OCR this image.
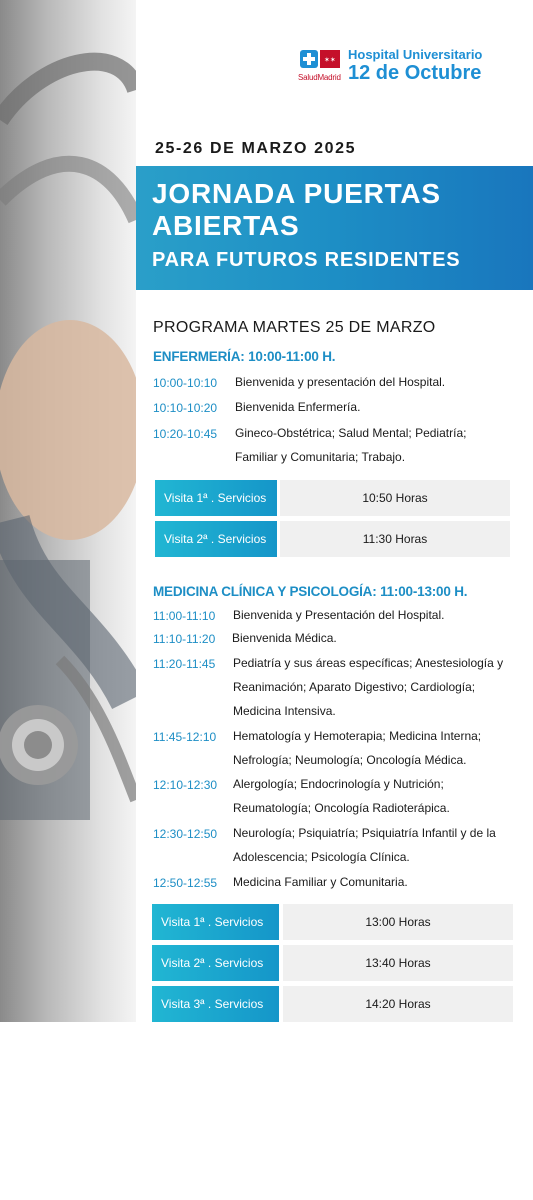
✶✶
SaludMadrid
Hospital Universitario
12 de Octubre
25-26 DE MARZO 2025
JORNADA PUERTAS
ABIERTAS
PARA FUTUROS RESIDENTES
PROGRAMA MARTES 25 DE MARZO
ENFERMERÍA: 10:00-11:00 H.
10:00-10:10 Bienvenida y presentación del Hospital.
10:10-10:20 Bienvenida Enfermería.
10:20-10:45 Gineco-Obstétrica; Salud Mental; Pediatría;
Familiar y Comunitaria; Trabajo.
Visita 1ª . Servicios	10:50 Horas
Visita 2ª . Servicios	11:30 Horas
MEDICINA CLÍNICA Y PSICOLOGÍA: 11:00-13:00 H.
11:00-11:10 Bienvenida y Presentación del Hospital.
11:10-11:20 Bienvenida Médica.
11:20-11:45 Pediatría y sus áreas específicas; Anestesiología y
Reanimación; Aparato Digestivo; Cardiología;
Medicina Intensiva.
11:45-12:10 Hematología y Hemoterapia; Medicina Interna;
Nefrología; Neumología; Oncología Médica.
12:10-12:30 Alergología; Endocrinología y Nutrición;
Reumatología; Oncología Radioterápica.
12:30-12:50 Neurología; Psiquiatría; Psiquiatría Infantil y de la
Adolescencia; Psicología Clínica.
12:50-12:55 Medicina Familiar y Comunitaria.
Visita 1ª . Servicios	13:00 Horas
Visita 2ª . Servicios	13:40 Horas
Visita 3ª . Servicios	14:20 Horas
